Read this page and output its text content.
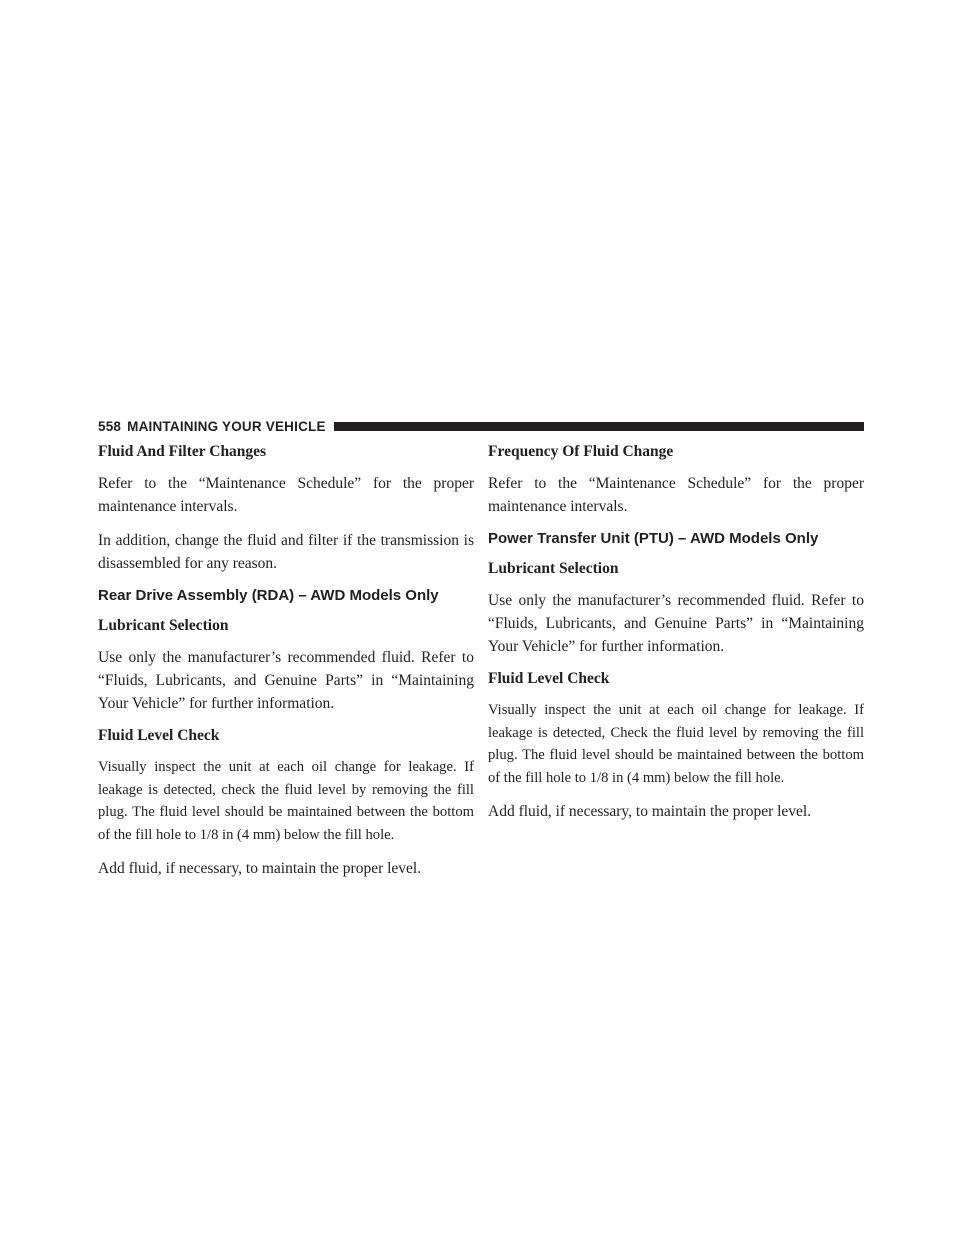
558 MAINTAINING YOUR VEHICLE
Fluid And Filter Changes

Refer to the “Maintenance Schedule” for the proper maintenance intervals.

In addition, change the fluid and filter if the transmission is disassembled for any reason.

Rear Drive Assembly (RDA) – AWD Models Only
Lubricant Selection

Use only the manufacturer’s recommended fluid. Refer to “Fluids, Lubricants, and Genuine Parts” in “Maintaining Your Vehicle” for further information.

Fluid Level Check

Visually inspect the unit at each oil change for leakage. If leakage is detected, check the fluid level by removing the fill plug. The fluid level should be maintained between the bottom of the fill hole to 1/8 in (4 mm) below the fill hole.

Add fluid, if necessary, to maintain the proper level.

Frequency Of Fluid Change

Refer to the “Maintenance Schedule” for the proper maintenance intervals.

Power Transfer Unit (PTU) – AWD Models Only
Lubricant Selection

Use only the manufacturer’s recommended fluid. Refer to “Fluids, Lubricants, and Genuine Parts” in “Maintaining Your Vehicle” for further information.

Fluid Level Check

Visually inspect the unit at each oil change for leakage. If leakage is detected, Check the fluid level by removing the fill plug. The fluid level should be maintained between the bottom of the fill hole to 1/8 in (4 mm) below the fill hole.

Add fluid, if necessary, to maintain the proper level.
